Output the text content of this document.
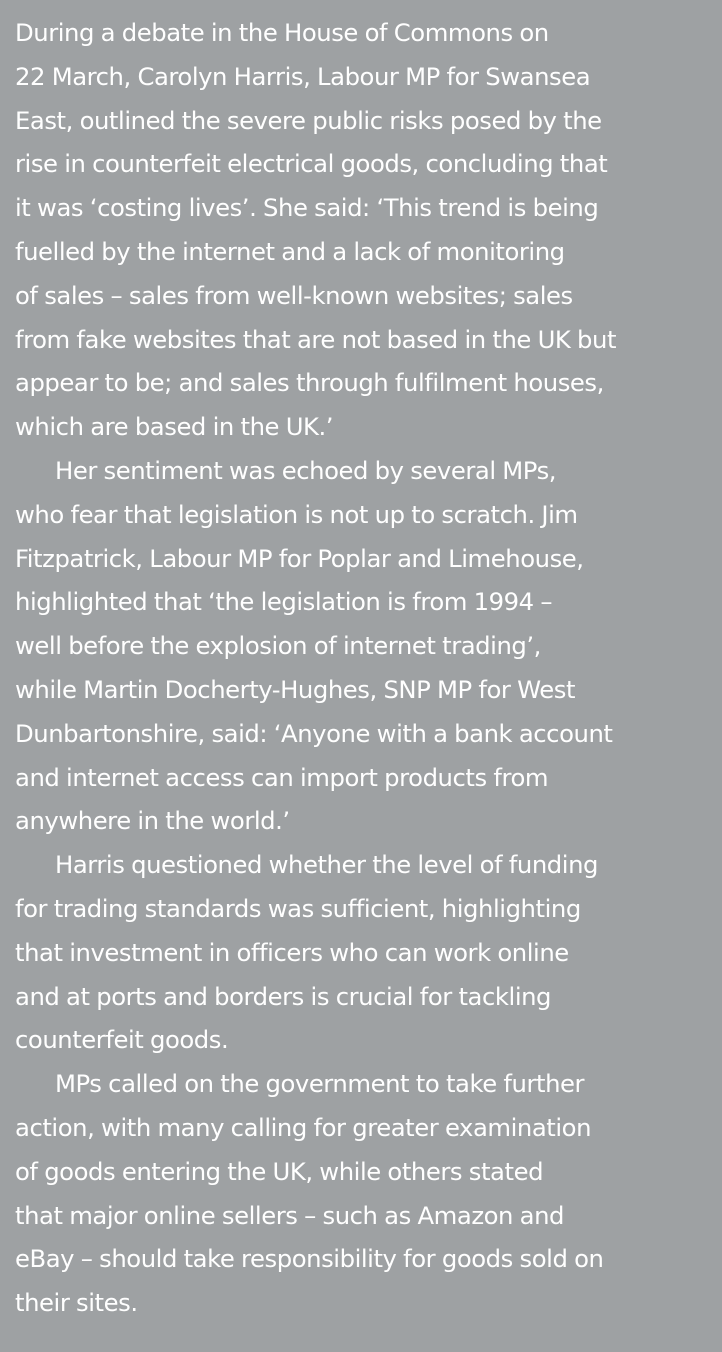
During a debate in the House of Commons on
22 March, Carolyn Harris, Labour MP for Swansea
East, outlined the severe public risks posed by the
rise in counterfeit electrical goods, concluding that
it was ‘costing lives’. She said: ‘This trend is being
fuelled by the internet and a lack of monitoring
of sales – sales from well-known websites; sales
from fake websites that are not based in the UK but
appear to be; and sales through fulfilment houses,
which are based in the UK.’

Her sentiment was echoed by several MPs,
who fear that legislation is not up to scratch. Jim
Fitzpatrick, Labour MP for Poplar and Limehouse,
highlighted that ‘the legislation is from 1994 –
well before the explosion of internet trading’,
while Martin Docherty-Hughes, SNP MP for West
Dunbartonshire, said: ‘Anyone with a bank account
and internet access can import products from
anywhere in the world.’

Harris questioned whether the level of funding
for trading standards was sufficient, highlighting
that investment in officers who can work online
and at ports and borders is crucial for tackling
counterfeit goods.

MPs called on the government to take further
action, with many calling for greater examination
of goods entering the UK, while others stated
that major online sellers – such as Amazon and
eBay – should take responsibility for goods sold on
their sites.
